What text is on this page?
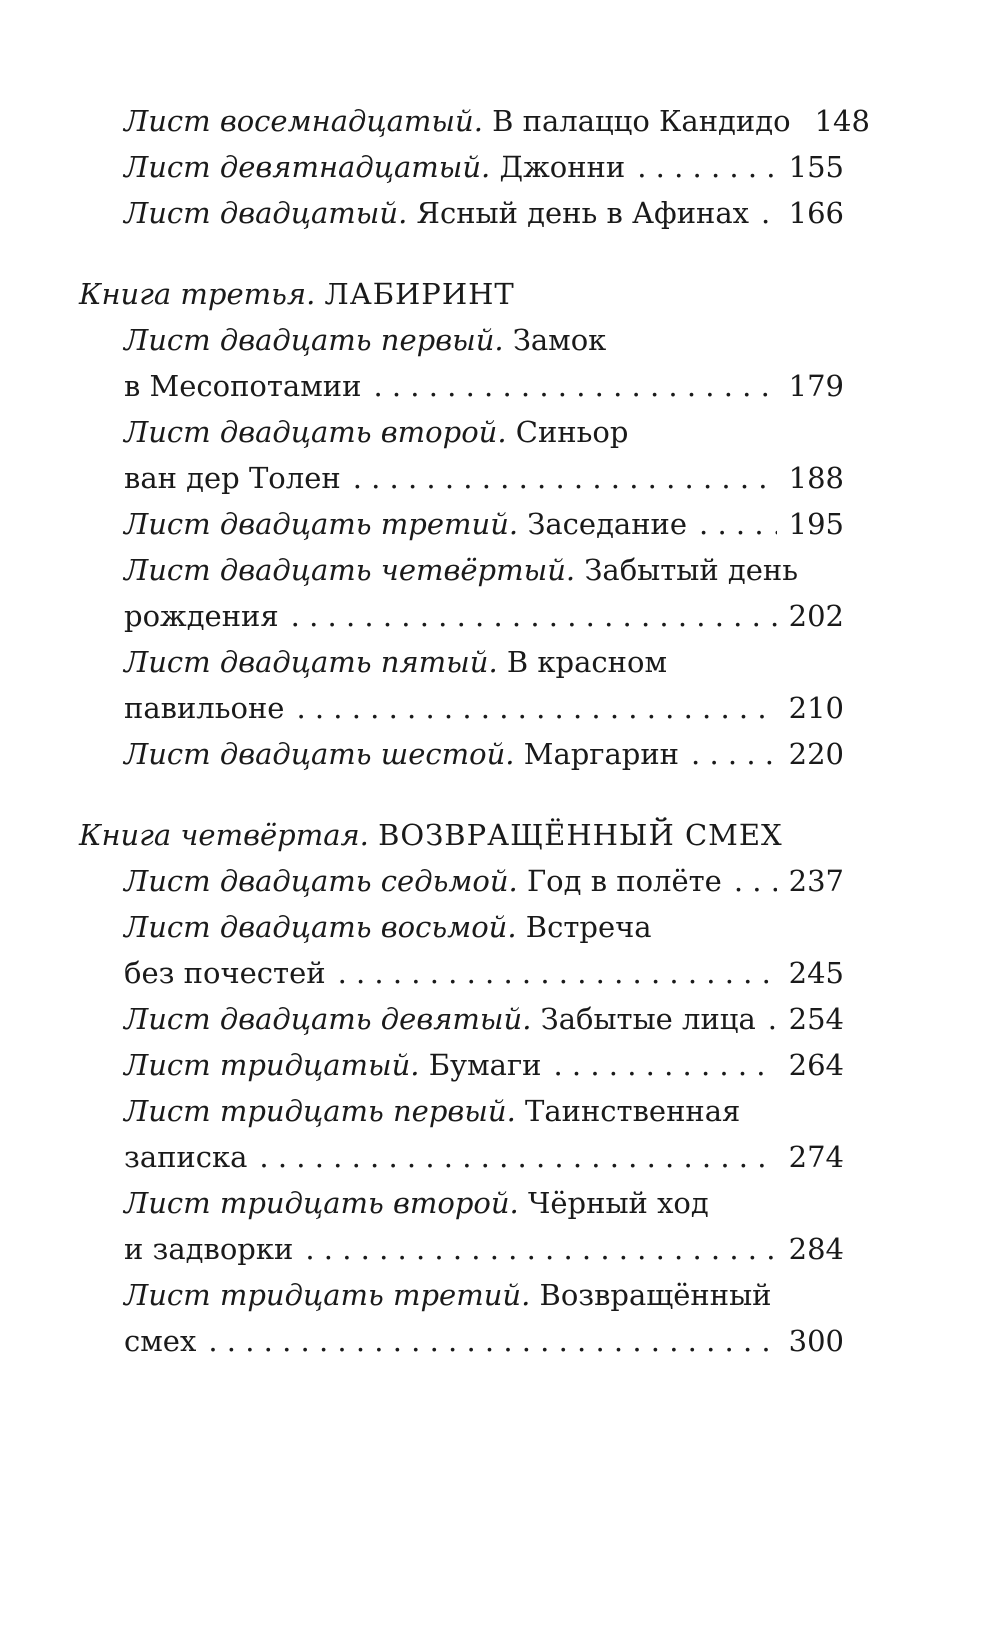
Лист восемнадцатый.
В палаццо Кандидо 148
Лист девятнадцатый.
Джонни . . .	155
Лист двадцатый.
Ясный день в Афинах . . . 166
Книга третья. ЛАБИРИНТ
Лист двадцать первый.
Замок
в Месопотамии . . .	179
Лист двадцать второй.
Синьор
ван дер Толен . . .	188
Лист двадцать третий.
Заседание . . .	195
Лист двадцать четвёртый.
Забытый день
рождения . . .	202
Лист двадцать пятый.
В красном
павильоне . . .	210
Лист двадцать шестой.
Маргарин . . .	220
Книга четвёртая. ВОЗВРАЩЁННЫЙ СМЕХ
Лист двадцать седьмой.
Год в полёте . . . 237
Лист двадцать восьмой.
Встреча
без почестей . . .	245
Лист двадцать девятый.
Забытые лица . . . 254
Лист тридцатый.
Бумаги . . .	264
Лист тридцать первый.
Таинственная
записка . . .	274
Лист тридцать второй.
Чёрный ход
и задворки . . .	284
Лист тридцать третий.
Возвращённый
смех . . .	300
